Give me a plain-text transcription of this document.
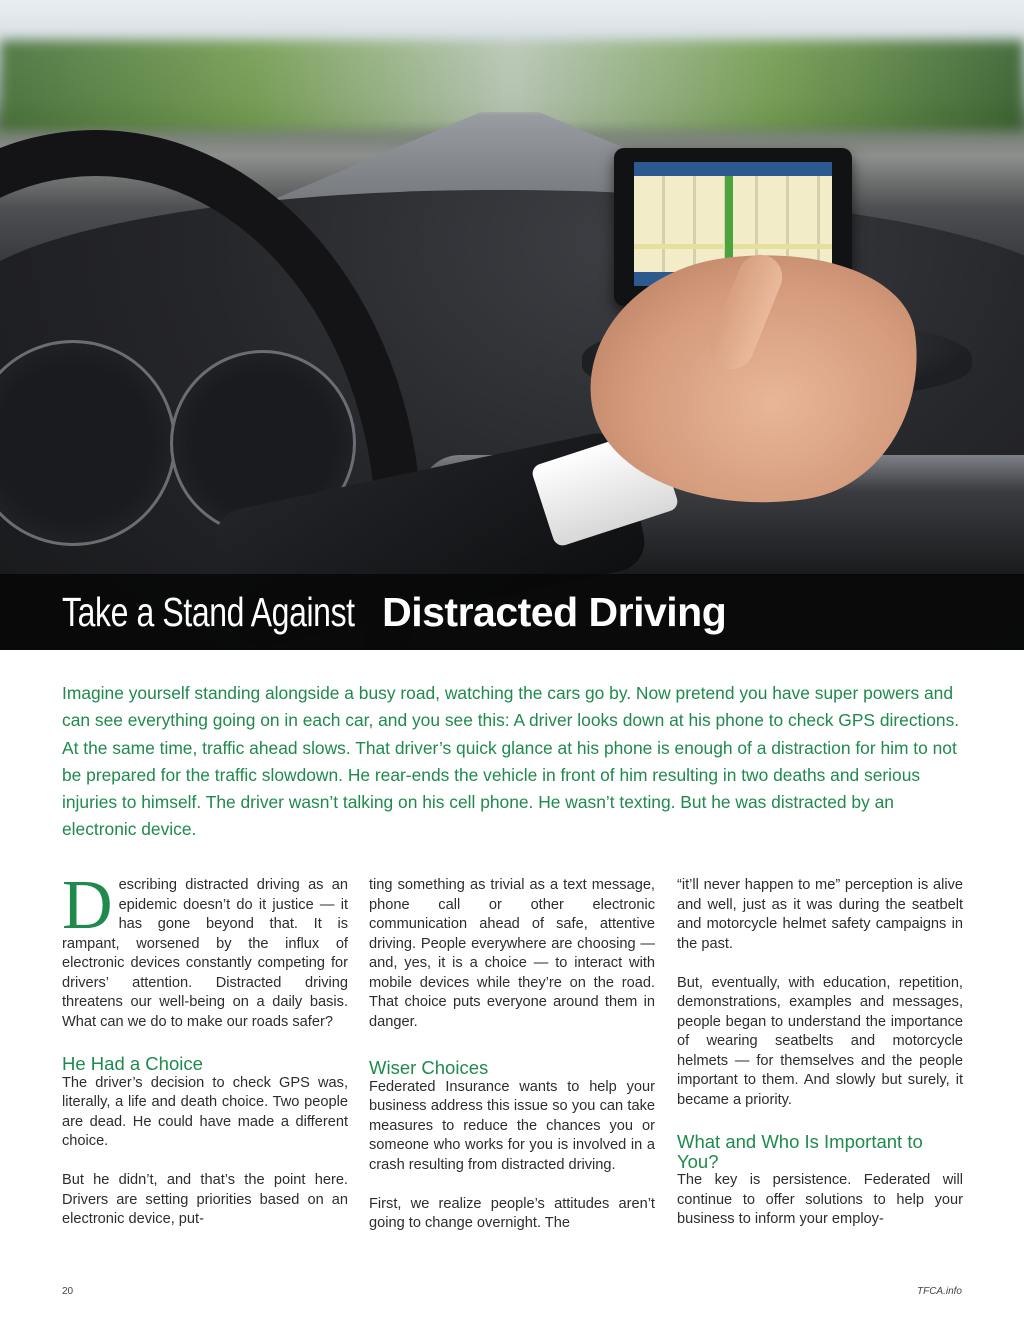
Take a Stand Against Distracted Driving

Imagine yourself standing alongside a busy road, watching the cars go by. Now pretend you have super powers and can see everything going on in each car, and you see this: A driver looks down at his phone to check GPS directions. At the same time, traffic ahead slows. That driver’s quick glance at his phone is enough of a distraction for him to not be prepared for the traffic slowdown. He rear-ends the vehicle in front of him resulting in two deaths and serious injuries to himself. The driver wasn’t talking on his cell phone. He wasn’t texting. But he was distracted by an electronic device.

Describing distracted driving as an epidemic doesn’t do it justice — it has gone beyond that. It is rampant, worsened by the influx of electronic devices constantly competing for drivers’ attention. Distracted driving threatens our well-being on a daily basis. What can we do to make our roads safer?

He Had a Choice

The driver’s decision to check GPS was, literally, a life and death choice. Two people are dead. He could have made a different choice.

But he didn’t, and that’s the point here. Drivers are setting priorities based on an electronic device, put-

ting something as trivial as a text message, phone call or other electronic communication ahead of safe, attentive driving. People everywhere are choosing — and, yes, it is a choice — to interact with mobile devices while they’re on the road. That choice puts everyone around them in danger.

Wiser Choices

Federated Insurance wants to help your business address this issue so you can take measures to reduce the chances you or someone who works for you is involved in a crash resulting from distracted driving.

First, we realize people’s attitudes aren’t going to change overnight. The

“it’ll never happen to me” perception is alive and well, just as it was during the seatbelt and motorcycle helmet safety campaigns in the past.

But, eventually, with education, repetition, demonstrations, examples and messages, people began to understand the importance of wearing seatbelts and motorcycle helmets — for themselves and the people important to them. And slowly but surely, it became a priority.

What and Who Is Important to You?

The key is persistence. Federated will continue to offer solutions to help your business to inform your employ-

20	TFCA.info
